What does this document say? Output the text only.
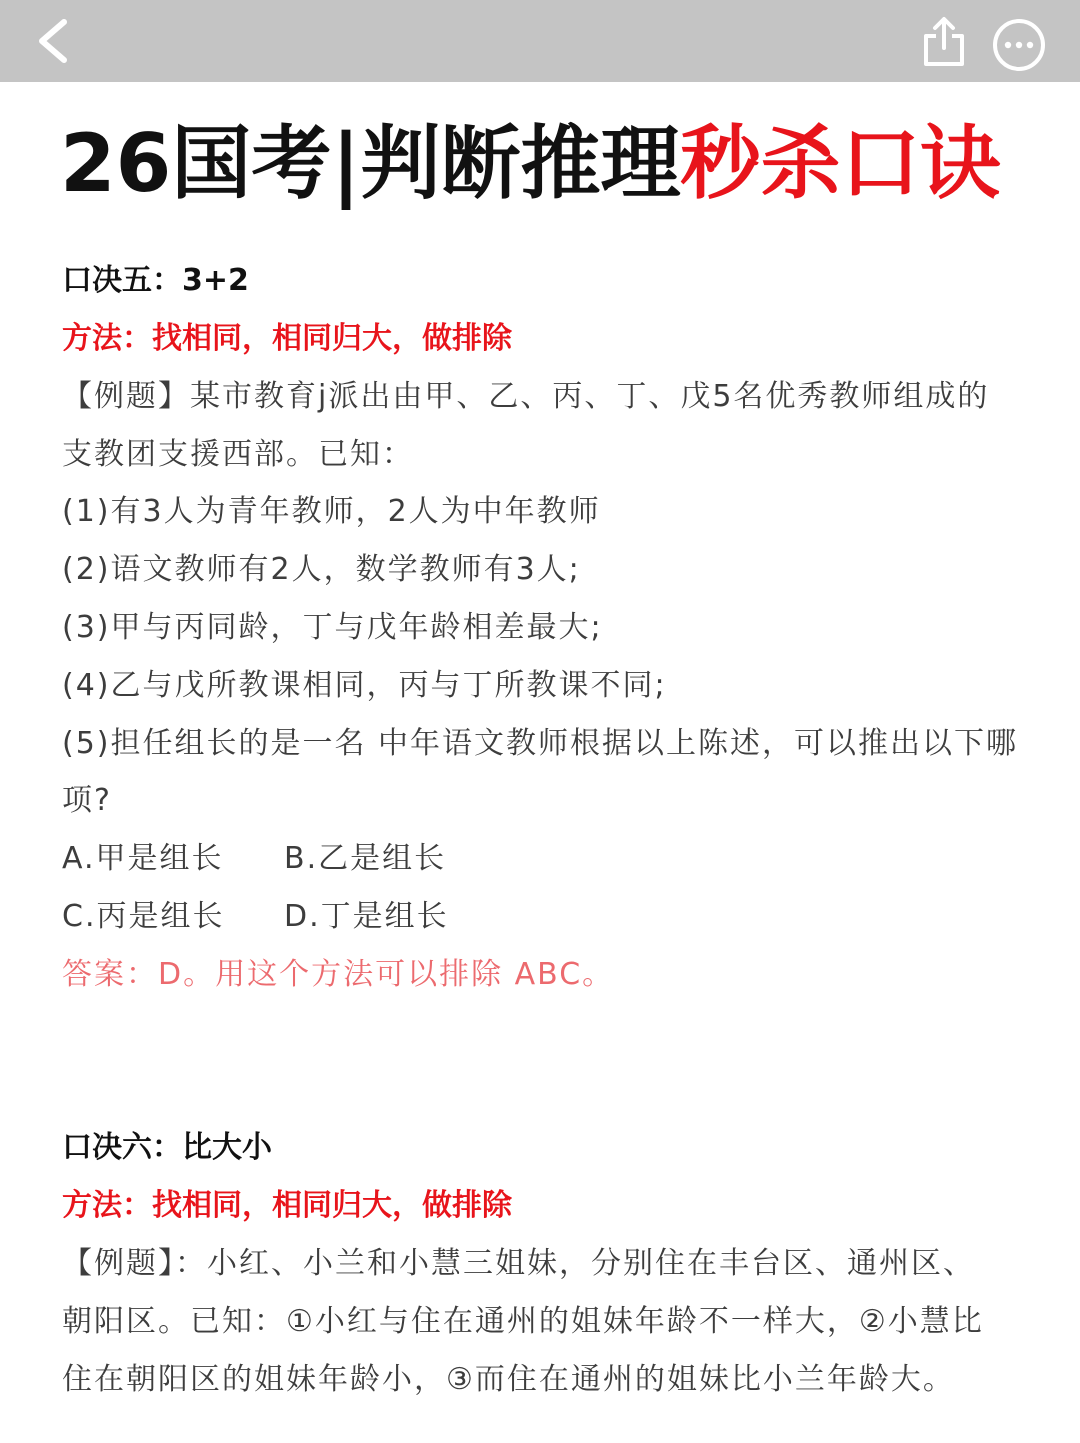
26国考|判断推理秒杀口诀
口决五：3+2
方法：找相同，相同归大，做排除
【例题】某市教育j派出由甲、乙、丙、丁、戊5名优秀教师组成的
支教团支援西部。已知：
(1)有3人为青年教师，2人为中年教师
(2)语文教师有2人，数学教师有3人;
(3)甲与丙同龄，丁与戊年龄相差最大;
(4)乙与戊所教课相同，丙与丁所教课不同;
(5)担任组长的是一名 中年语文教师根据以上陈述，可以推出以下哪
项?
A.甲是组长 B.乙是组长
C.丙是组长 D.丁是组长
答案：D。用这个方法可以排除 ABC。
口决六：比大小
方法：找相同，相同归大，做排除
【例题】：小红、小兰和小慧三姐妹，分别住在丰台区、通州区、
朝阳区。已知：①小红与住在通州的姐妹年龄不一样大，②小慧比
住在朝阳区的姐妹年龄小，③而住在通州的姐妹比小兰年龄大。
